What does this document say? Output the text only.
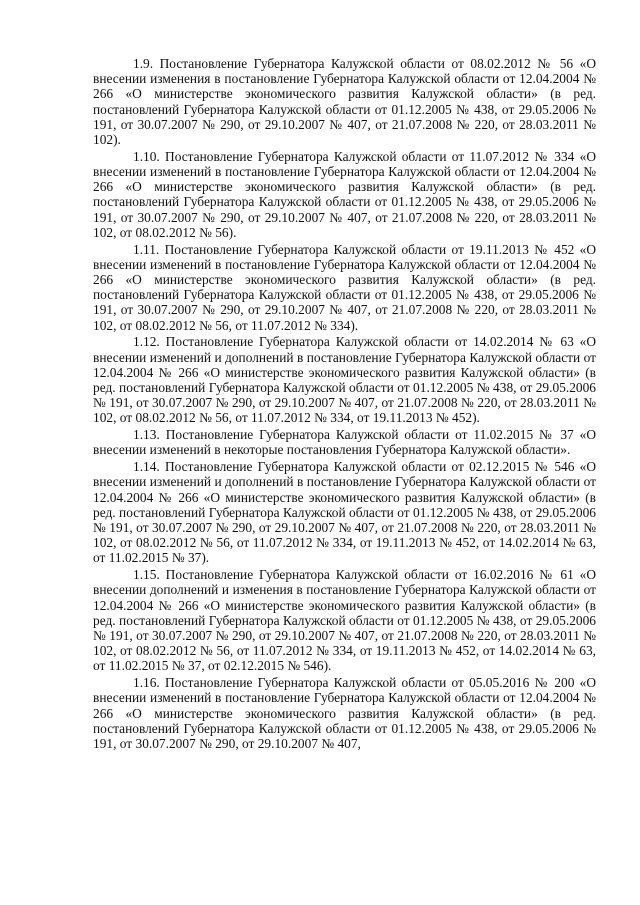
1.9. Постановление Губернатора Калужской области от 08.02.2012 № 56 «О внесении изменения в постановление Губернатора Калужской области от 12.04.2004 № 266 «О министерстве экономического развития Калужской области» (в ред. постановлений Губернатора Калужской области от 01.12.2005 № 438, от 29.05.2006 № 191, от 30.07.2007 № 290, от 29.10.2007 № 407, от 21.07.2008 № 220, от 28.03.2011 № 102).

1.10. Постановление Губернатора Калужской области от 11.07.2012 № 334 «О внесении изменений в постановление Губернатора Калужской области от 12.04.2004 № 266 «О министерстве экономического развития Калужской области» (в ред. постановлений Губернатора Калужской области от 01.12.2005 № 438, от 29.05.2006 № 191, от 30.07.2007 № 290, от 29.10.2007 № 407, от 21.07.2008 № 220, от 28.03.2011 № 102, от 08.02.2012 № 56).

1.11. Постановление Губернатора Калужской области от 19.11.2013 № 452 «О внесении изменений в постановление Губернатора Калужской области от 12.04.2004 № 266 «О министерстве экономического развития Калужской области» (в ред. постановлений Губернатора Калужской области от 01.12.2005 № 438, от 29.05.2006 № 191, от 30.07.2007 № 290, от 29.10.2007 № 407, от 21.07.2008 № 220, от 28.03.2011 № 102, от 08.02.2012 № 56, от 11.07.2012 № 334).

1.12. Постановление Губернатора Калужской области от 14.02.2014 № 63 «О внесении изменений и дополнений в постановление Губернатора Калужской области от 12.04.2004 № 266 «О министерстве экономического развития Калужской области» (в ред. постановлений Губернатора Калужской области от 01.12.2005 № 438, от 29.05.2006 № 191, от 30.07.2007 № 290, от 29.10.2007 № 407, от 21.07.2008 № 220, от 28.03.2011 № 102, от 08.02.2012 № 56, от 11.07.2012 № 334, от 19.11.2013 № 452).

1.13. Постановление Губернатора Калужской области от 11.02.2015 № 37 «О внесении изменений в некоторые постановления Губернатора Калужской области».

1.14. Постановление Губернатора Калужской области от 02.12.2015 № 546 «О внесении изменений и дополнений в постановление Губернатора Калужской области от 12.04.2004 № 266 «О министерстве экономического развития Калужской области» (в ред. постановлений Губернатора Калужской области от 01.12.2005 № 438, от 29.05.2006 № 191, от 30.07.2007 № 290, от 29.10.2007 № 407, от 21.07.2008 № 220, от 28.03.2011 № 102, от 08.02.2012 № 56, от 11.07.2012 № 334, от 19.11.2013 № 452, от 14.02.2014 № 63, от 11.02.2015 № 37).

1.15. Постановление Губернатора Калужской области от 16.02.2016 № 61 «О внесении дополнений и изменения в постановление Губернатора Калужской области от 12.04.2004 № 266 «О министерстве экономического развития Калужской области» (в ред. постановлений Губернатора Калужской области от 01.12.2005 № 438, от 29.05.2006 № 191, от 30.07.2007 № 290, от 29.10.2007 № 407, от 21.07.2008 № 220, от 28.03.2011 № 102, от 08.02.2012 № 56, от 11.07.2012 № 334, от 19.11.2013 № 452, от 14.02.2014 № 63, от 11.02.2015 № 37, от 02.12.2015 № 546).

1.16. Постановление Губернатора Калужской области от 05.05.2016 № 200 «О внесении изменений в постановление Губернатора Калужской области от 12.04.2004 № 266 «О министерстве экономического развития Калужской области» (в ред. постановлений Губернатора Калужской области от 01.12.2005 № 438, от 29.05.2006 № 191, от 30.07.2007 № 290, от 29.10.2007 № 407,
